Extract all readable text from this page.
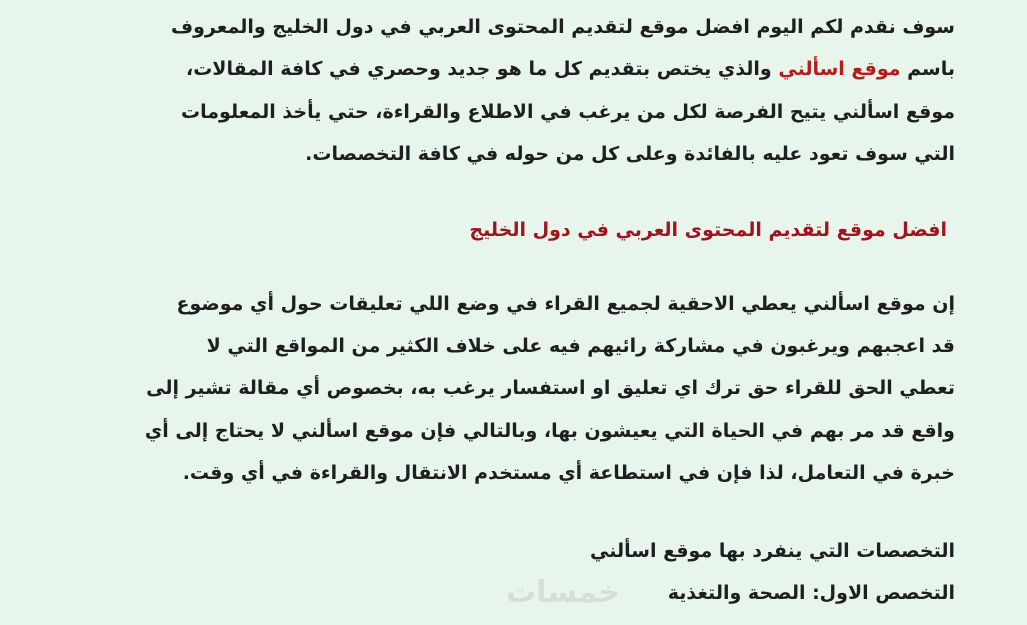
سوف نقدم لكم اليوم افضل موقع لتقديم المحتوى العربي في دول الخليج والمعروف
باسم موقع اسألني والذي يختص بتقديم كل ما هو جديد وحصري في كافة المقالات،
موقع اسألني يتيح الفرصة لكل من يرغب في الاطلاع والقراءة، حتي يأخذ المعلومات
التي سوف تعود عليه بالفائدة وعلى كل من حوله في كافة التخصصات.
افضل موقع لتقديم المحتوى العربي في دول الخليج
إن موقع اسألني يعطي الاحقية لجميع القراء في وضع اللي تعليقات حول أي موضوع
قد اعجبهم ويرغبون في مشاركة رائيهم فيه على خلاف الكثير من المواقع التي لا
تعطي الحق للقراء حق ترك اي تعليق او استفسار يرغب به، بخصوص أي مقالة تشير إلى
واقع قد مر بهم في الحياة التي يعيشون بها، وبالتالي فإن موقع اسألني لا يحتاج إلى أي
خبرة في التعامل، لذا فإن في استطاعة أي مستخدم الانتقال والقراءة في أي وقت.
التخصصات التي ينفرد بها موقع اسألني
التخصص الاول: الصحة والتغذية
خمسات
